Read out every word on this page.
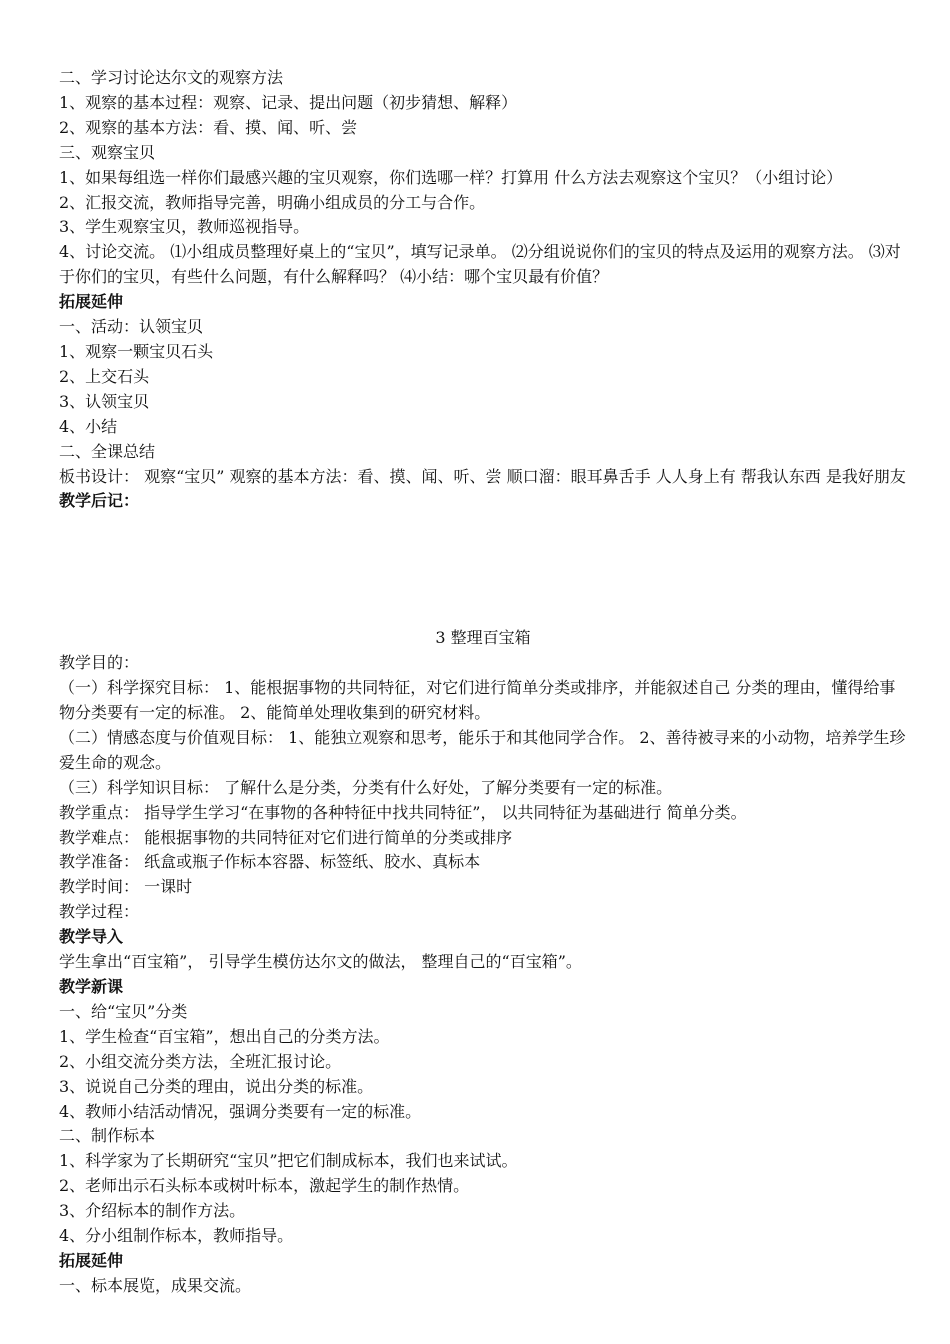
二、学习讨论达尔文的观察方法

1、观察的基本过程：观察、记录、提出问题（初步猜想、解释）

2、观察的基本方法：看、摸、闻、听、尝

三、观察宝贝

1、如果每组选一样你们最感兴趣的宝贝观察，你们选哪一样？打算用 什么方法去观察这个宝贝？（小组讨论）

2、汇报交流，教师指导完善，明确小组成员的分工与合作。

3、学生观察宝贝，教师巡视指导。

4、讨论交流。 ⑴小组成员整理好桌上的“宝贝”，填写记录单。 ⑵分组说说你们的宝贝的特点及运用的观察方法。 ⑶对于你们的宝贝，有些什么问题，有什么解释吗？ ⑷小结：哪个宝贝最有价值？

拓展延伸

一、活动：认领宝贝

1、观察一颗宝贝石头

2、上交石头

3、认领宝贝

4、小结

二、全课总结

板书设计： 观察“宝贝” 观察的基本方法：看、摸、闻、听、尝 顺口溜：眼耳鼻舌手 人人身上有 帮我认东西 是我好朋友

教学后记：

3 整理百宝箱

教学目的：

（一）科学探究目标： 1、能根据事物的共同特征，对它们进行简单分类或排序，并能叙述自己 分类的理由，懂得给事物分类要有一定的标准。 2、能简单处理收集到的研究材料。

（二）情感态度与价值观目标： 1、能独立观察和思考，能乐于和其他同学合作。 2、善待被寻来的小动物，培养学生珍爱生命的观念。

（三）科学知识目标： 了解什么是分类，分类有什么好处，了解分类要有一定的标准。

教学重点： 指导学生学习“在事物的各种特征中找共同特征”， 以共同特征为基础进行 简单分类。

教学难点： 能根据事物的共同特征对它们进行简单的分类或排序

教学准备： 纸盒或瓶子作标本容器、标签纸、胶水、真标本

教学时间： 一课时

教学过程：

教学导入

学生拿出“百宝箱”， 引导学生模仿达尔文的做法， 整理自己的“百宝箱”。

教学新课

一、给“宝贝”分类

1、学生检查“百宝箱”，想出自己的分类方法。

2、小组交流分类方法，全班汇报讨论。

3、说说自己分类的理由，说出分类的标准。

4、教师小结活动情况，强调分类要有一定的标准。

二、制作标本

1、科学家为了长期研究“宝贝”把它们制成标本，我们也来试试。

2、老师出示石头标本或树叶标本，激起学生的制作热情。

3、介绍标本的制作方法。

4、分小组制作标本，教师指导。

拓展延伸

一、标本展览，成果交流。
